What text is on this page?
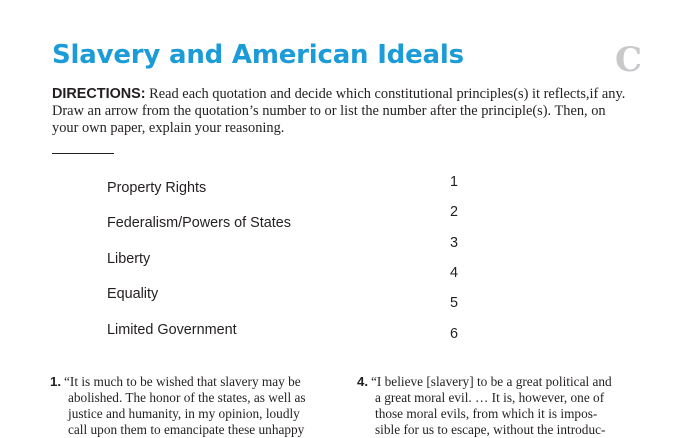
Slavery and American Ideals	C

DIRECTIONS: Read each quotation and decide which constitutional principles(s) it reflects,if any. Draw an arrow from the quotation’s number to or list the number after the principle(s). Then, on your own paper, explain your reasoning.

Property Rights
Federalism/Powers of States
Liberty
Equality
Limited Government
1
2
3
4
5
6
1. “It is much to be wished that slavery may be
abolished. The honor of the states, as well as
justice and humanity, in my opinion, loudly
call upon them to emancipate these unhappy
4. “I believe [slavery] to be a great political and
a great moral evil. … It is, however, one of
those moral evils, from which it is impos-
sible for us to escape, without the introduc-
